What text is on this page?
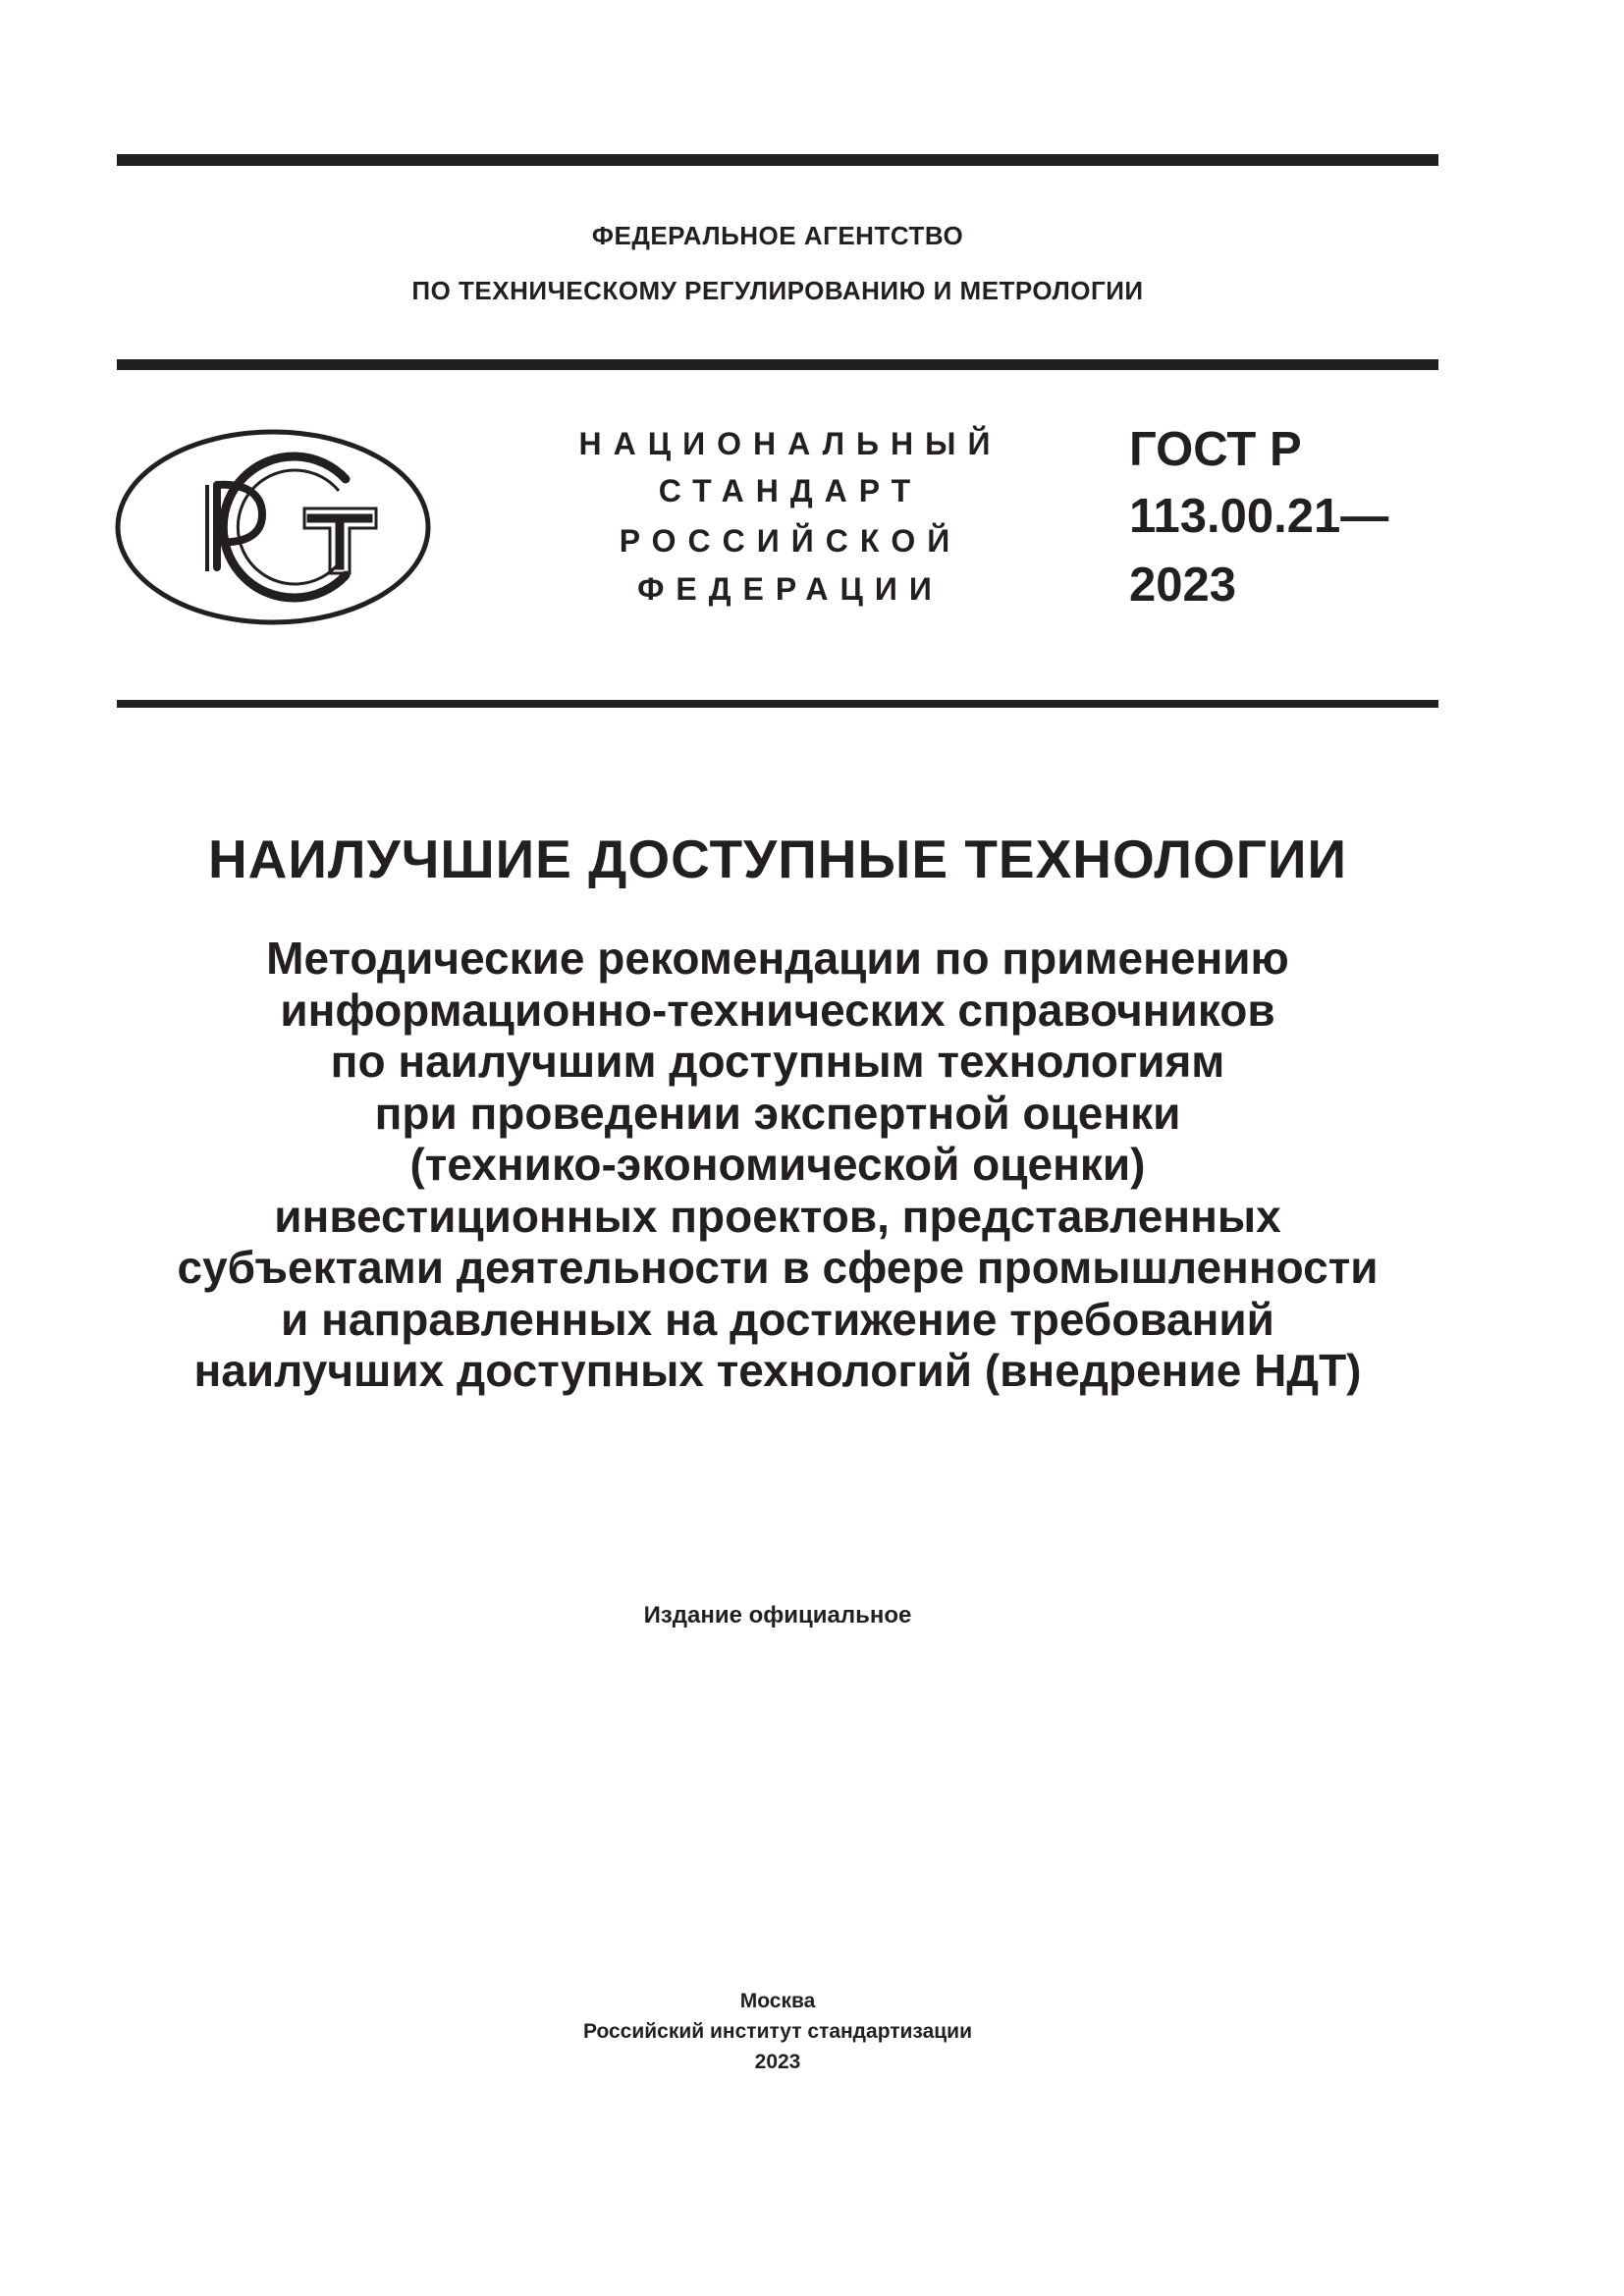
ФЕДЕРАЛЬНОЕ АГЕНТСТВО
ПО ТЕХНИЧЕСКОМУ РЕГУЛИРОВАНИЮ И МЕТРОЛОГИИ
НАЦИОНАЛЬНЫЙ
СТАНДАРТ
РОССИЙСКОЙ
ФЕДЕРАЦИИ
ГОСТ Р
113.00.21—
2023
НАИЛУЧШИЕ ДОСТУПНЫЕ ТЕХНОЛОГИИ
Методические рекомендации по применению
информационно-технических справочников
по наилучшим доступным технологиям
при проведении экспертной оценки
(технико-экономической оценки)
инвестиционных проектов, представленных
субъектами деятельности в сфере промышленности
и направленных на достижение требований
наилучших доступных технологий (внедрение НДТ)
Издание официальное
Москва
Российский институт стандартизации
2023
